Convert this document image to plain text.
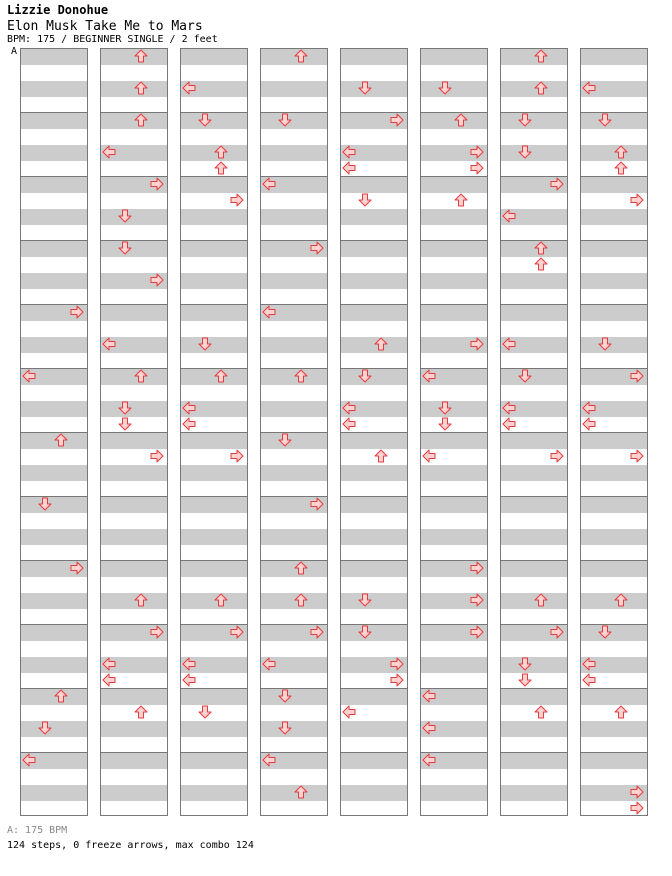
Lizzie Donohue
Elon Musk Take Me to Mars
BPM: 175 / BEGINNER SINGLE / 2 feet
A
A: 175 BPM
124 steps, 0 freeze arrows, max combo 124
